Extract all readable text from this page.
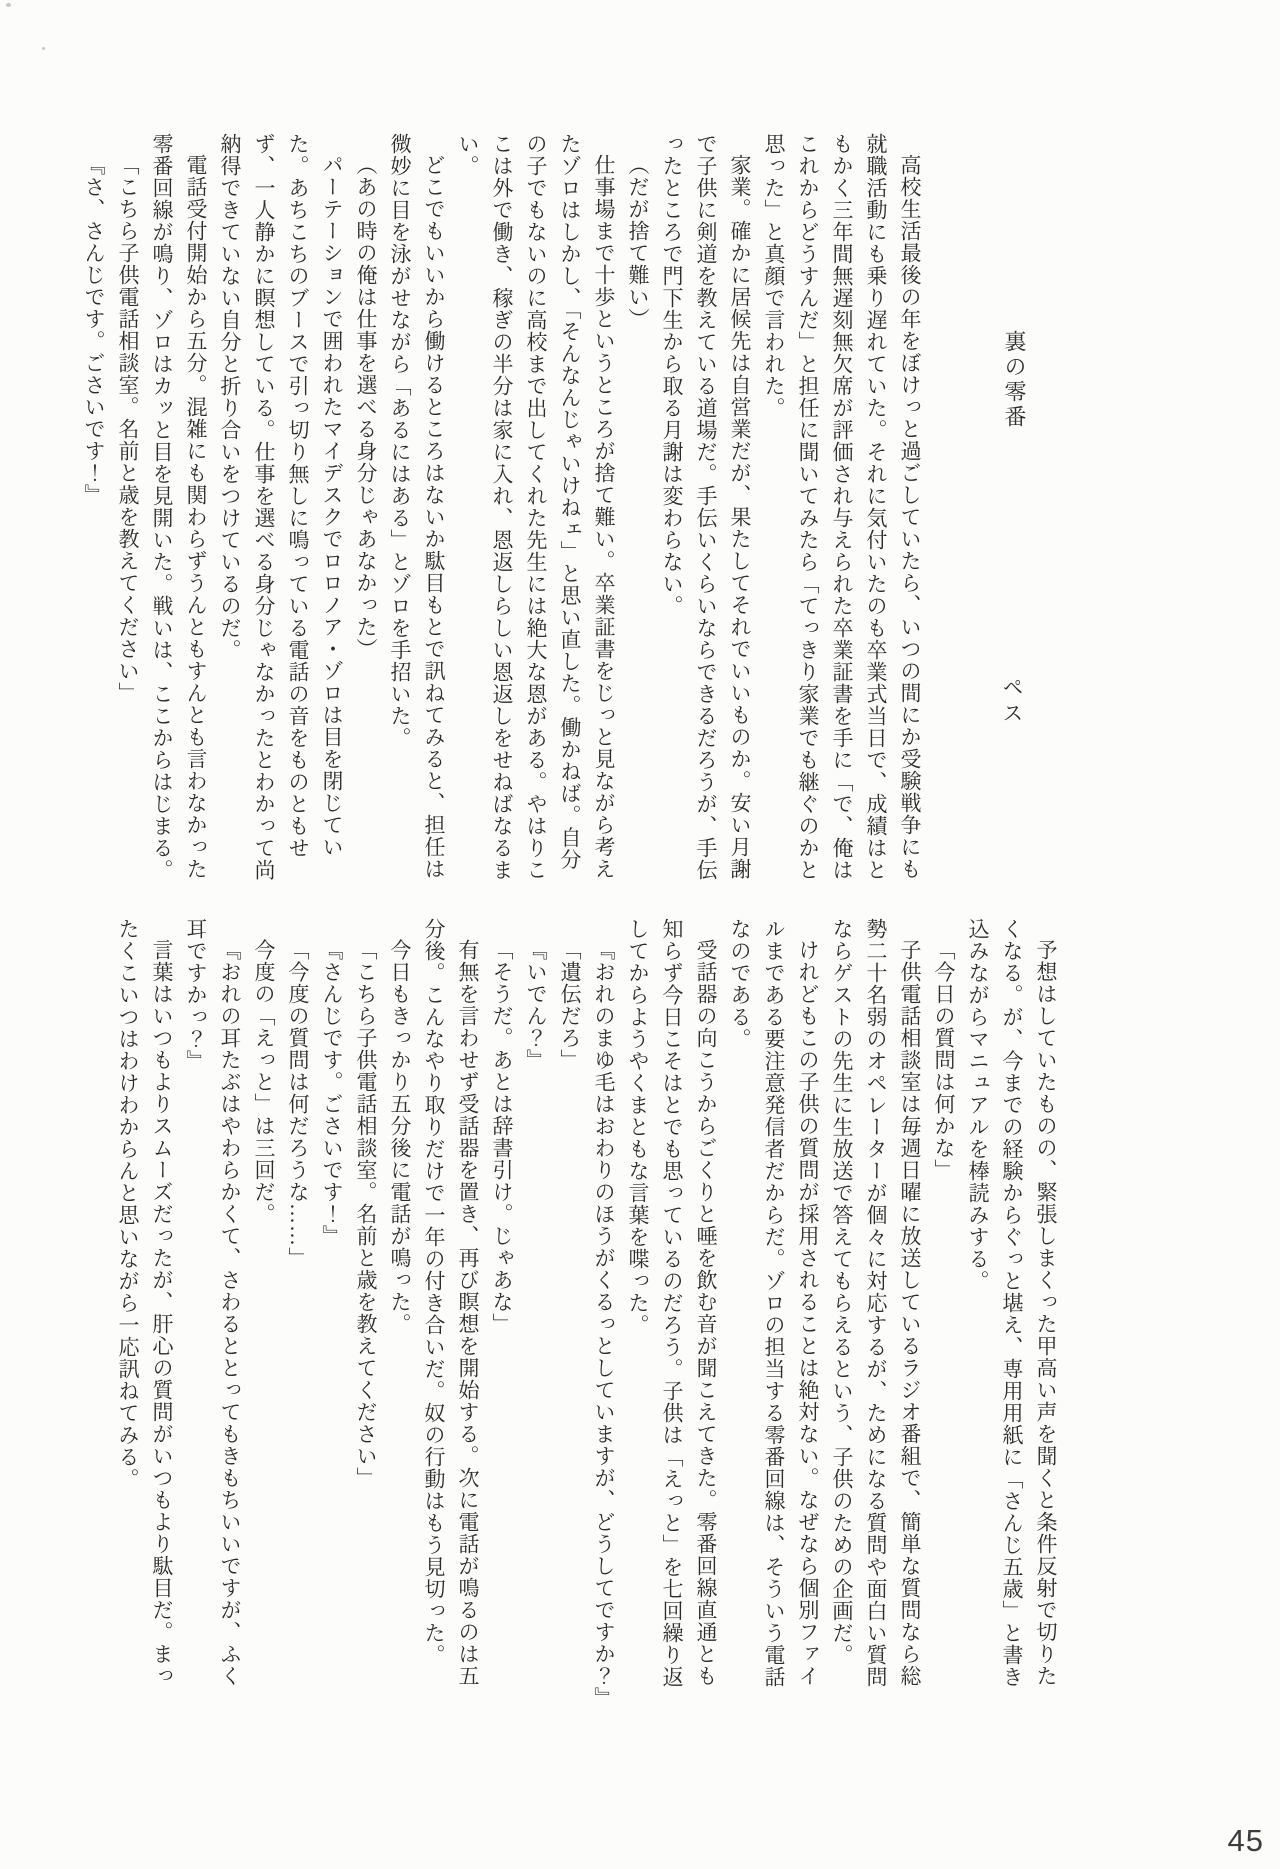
裏の零番
ペス

高校生活最後の年をぼけっと過ごしていたら、いつの間にか受験戦争にも就職活動にも乗り遅れていた。それに気付いたのも卒業式当日で、成績はともかく三年間無遅刻無欠席が評価され与えられた卒業証書を手に「で、俺はこれからどうすんだ」と担任に聞いてみたら「てっきり家業でも継ぐのかと思った」と真顔で言われた。

家業。確かに居候先は自営業だが、果たしてそれでいいものか。安い月謝で子供に剣道を教えている道場だ。手伝いくらいならできるだろうが、手伝ったところで門下生から取る月謝は変わらない。

（だが捨て難い）

仕事場まで十歩というところが捨て難い。卒業証書をじっと見ながら考えたゾロはしかし、「そんなんじゃいけねェ」と思い直した。働かねば。自分の子でもないのに高校まで出してくれた先生には絶大な恩がある。やはりここは外で働き、稼ぎの半分は家に入れ、恩返しらしい恩返しをせねばなるまい。

どこでもいいから働けるところはないか駄目もとで訊ねてみると、担任は微妙に目を泳がせながら「あるにはある」とゾロを手招いた。

（あの時の俺は仕事を選べる身分じゃあなかった）

パーテーションで囲われたマイデスクでロロノア・ゾロは目を閉じていた。あちこちのブースで引っ切り無しに鳴っている電話の音をものともせず、一人静かに瞑想している。仕事を選べる身分じゃなかったとわかって尚納得できていない自分と折り合いをつけているのだ。

電話受付開始から五分。混雑にも関わらずうんともすんとも言わなかった零番回線が鳴り、ゾロはカッと目を見開いた。戦いは、ここからはじまる。

「こちら子供電話相談室。名前と歳を教えてください」

『さ、さんじです。ごさいです！』

予想はしていたものの、緊張しまくった甲高い声を聞くと条件反射で切りたくなる。が、今までの経験からぐっと堪え、専用用紙に「さんじ五歳」と書き込みながらマニュアルを棒読みする。

「今日の質問は何かな」

子供電話相談室は毎週日曜に放送しているラジオ番組で、簡単な質問なら総勢二十名弱のオペレーターが個々に対応するが、ためになる質問や面白い質問ならゲストの先生に生放送で答えてもらえるという、子供のための企画だ。

けれどもこの子供の質問が採用されることは絶対ない。なぜなら個別ファイルまである要注意発信者だからだ。ゾロの担当する零番回線は、そういう電話なのである。

受話器の向こうからごくりと唾を飲む音が聞こえてきた。零番回線直通とも知らず今日こそはとでも思っているのだろう。子供は「えっと」を七回繰り返してからようやくまともな言葉を喋った。

『おれのまゆ毛はおわりのほうがくるっとしていますが、どうしてですか？』

「遺伝だろ」

『いでん？』

「そうだ。あとは辞書引け。じゃあな」

有無を言わせず受話器を置き、再び瞑想を開始する。次に電話が鳴るのは五分後。こんなやり取りだけで一年の付き合いだ。奴の行動はもう見切った。

今日もきっかり五分後に電話が鳴った。

「こちら子供電話相談室。名前と歳を教えてください」

『さんじです。ごさいです！』

「今度の質問は何だろうな……」

今度の「えっと」は三回だ。

『おれの耳たぶはやわらかくて、さわるととってもきもちいいですが、ふく耳ですかっ？』

言葉はいつもよりスムーズだったが、肝心の質問がいつもより駄目だ。まったくこいつはわけわからんと思いながら一応訊ねてみる。

45
